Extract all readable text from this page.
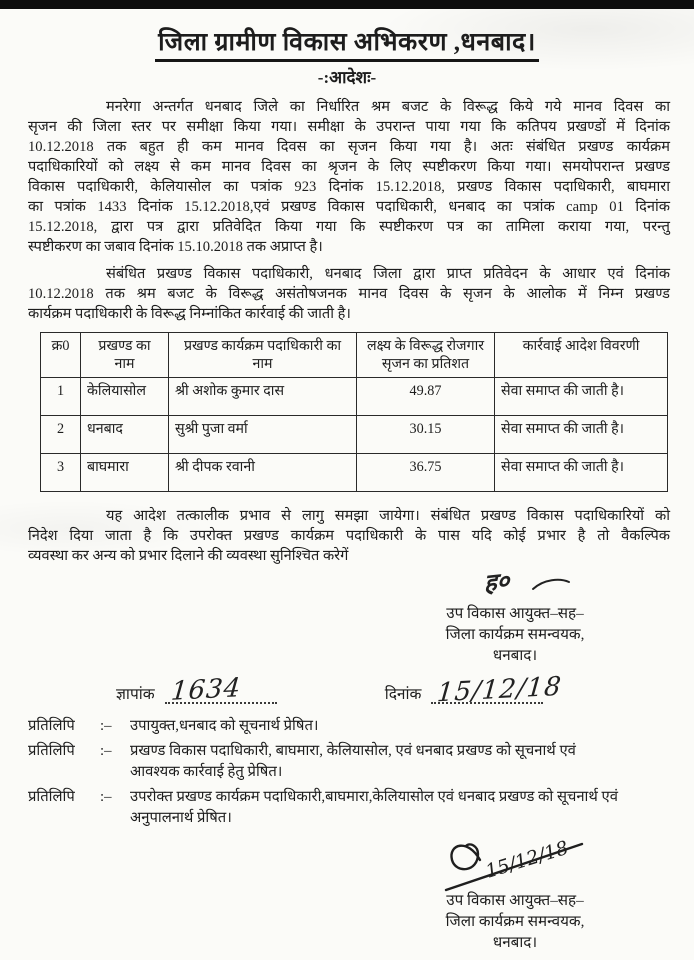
जिला ग्रामीण विकास अभिकरण ,धनबाद।
-:आदेशः-
मनरेगा अन्तर्गत धनबाद जिले का निर्धारित श्रम बजट के विरूद्ध किये गये मानव दिवस का
सृजन की जिला स्तर पर समीक्षा किया गया। समीक्षा के उपरान्त पाया गया कि कतिपय प्रखण्डों में दिनांक
10.12.2018 तक बहुत ही कम मानव दिवस का सृजन किया गया है। अतः संबंधित प्रखण्ड कार्यक्रम
पदाधिकारियों को लक्ष्य से कम मानव दिवस का श्रृजन के लिए स्पष्टीकरण किया गया। समयोपरान्त प्रखण्ड
विकास पदाधिकारी, केलियासोल का पत्रांक 923 दिनांक 15.12.2018, प्रखण्ड विकास पदाधिकारी, बाघमारा
का पत्रांक 1433 दिनांक 15.12.2018,एवं प्रखण्ड विकास पदाधिकारी, धनबाद का पत्रांक camp 01 दिनांक
15.12.2018, द्वारा पत्र द्वारा प्रतिवेदित किया गया कि स्पष्टीकरण पत्र का तामिला कराया गया, परन्तु
स्पष्टीकरण का जबाव दिनांक 15.10.2018 तक अप्राप्त है।
संबंधित प्रखण्ड विकास पदाधिकारी, धनबाद जिला द्वारा प्राप्त प्रतिवेदन के आधार एवं दिनांक
10.12.2018 तक श्रम बजट के विरूद्ध असंतोषजनक मानव दिवस के सृजन के आलोक में निम्न प्रखण्ड
कार्यक्रम पदाधिकारी के विरूद्ध निम्नांकित कार्रवाई की जाती है।
क्र0	प्रखण्ड का नाम	प्रखण्ड कार्यक्रम पदाधिकारी का नाम	लक्ष्य के विरूद्ध रोजगार सृजन का प्रतिशत	कार्रवाई आदेश विवरणी
1	केलियासोल	श्री अशोक कुमार दास	49.87	सेवा समाप्त की जाती है।
2	धनबाद	सुश्री पुजा वर्मा	30.15	सेवा समाप्त की जाती है।
3	बाघमारा	श्री दीपक रवानी	36.75	सेवा समाप्त की जाती है।
यह आदेश तत्कालीक प्रभाव से लागु समझा जायेगा। संबंधित प्रखण्ड विकास पदाधिकारियों को
निदेश दिया जाता है कि उपरोक्त प्रखण्ड कार्यक्रम पदाधिकारी के पास यदि कोई प्रभार है तो वैकल्पिक
व्यवस्था कर अन्य को प्रभार दिलाने की व्यवस्था सुनिश्चित करेगें
ह०
उप विकास आयुक्त–सह–
जिला कार्यक्रम समन्वयक,
धनबाद।
ज्ञापांक 1634	दिनांक 15/12/18
प्रतिलिपि	:–	उपायुक्त,धनबाद को सूचनार्थ प्रेषित।
प्रतिलिपि	:–	प्रखण्ड विकास पदाधिकारी, बाघमारा, केलियासोल, एवं धनबाद प्रखण्ड को सूचनार्थ एवं
आवश्यक कार्रवाई हेतु प्रेषित।
प्रतिलिपि	:–	उपरोक्त प्रखण्ड कार्यक्रम पदाधिकारी,बाघमारा,केलियासोल एवं धनबाद प्रखण्ड को सूचनार्थ एवं
अनुपालनार्थ प्रेषित।
15/12/18
उप विकास आयुक्त–सह–
जिला कार्यक्रम समन्वयक,
धनबाद।
